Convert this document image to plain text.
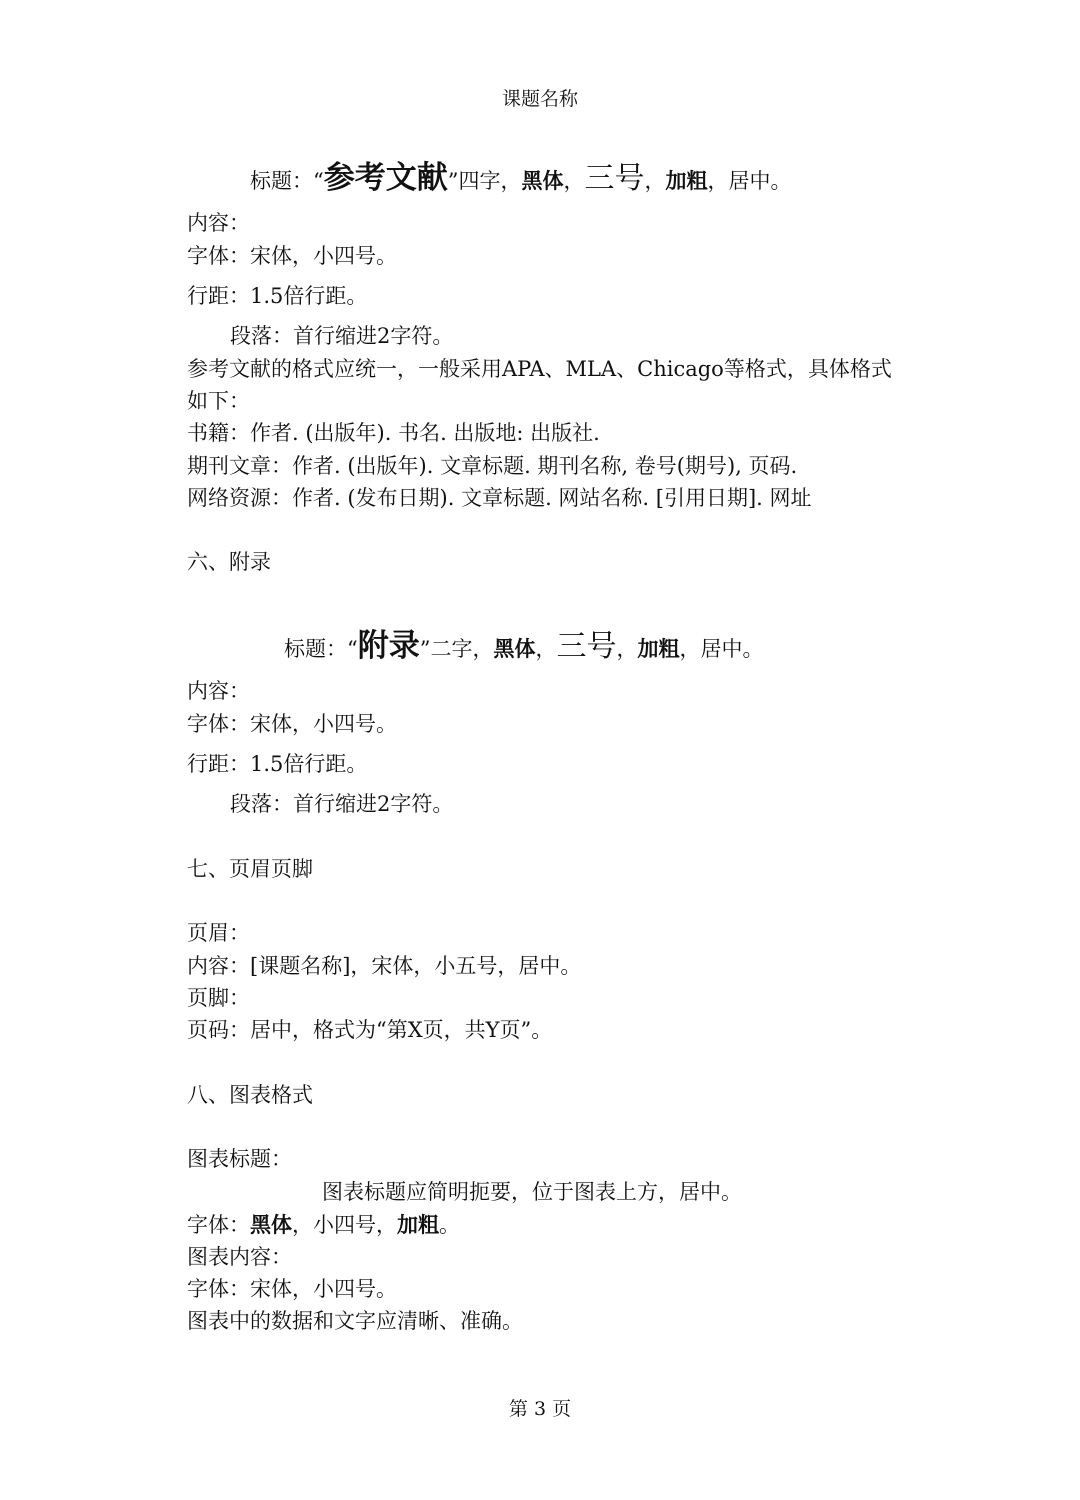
课题名称
标题：“参考文献”四字，黑体，三号，加粗，居中。
内容：
字体：宋体，小四号。
行距：1.5倍行距。
段落：首行缩进2字符。
参考文献的格式应统一，一般采用APA、MLA、Chicago等格式，具体格式
如下：
书籍：作者. (出版年). 书名. 出版地: 出版社.
期刊文章：作者. (出版年). 文章标题. 期刊名称, 卷号(期号), 页码.
网络资源：作者. (发布日期). 文章标题. 网站名称. [引用日期]. 网址
六、附录
标题：“附录”二字，黑体，三号，加粗，居中。
内容：
字体：宋体，小四号。
行距：1.5倍行距。
段落：首行缩进2字符。
七、页眉页脚
页眉：
内容：[课题名称]，宋体，小五号，居中。
页脚：
页码：居中，格式为“第X页，共Y页”。
八、图表格式
图表标题：
图表标题应简明扼要，位于图表上方，居中。
字体：黑体，小四号，加粗。
图表内容：
字体：宋体，小四号。
图表中的数据和文字应清晰、准确。
第 3 页
